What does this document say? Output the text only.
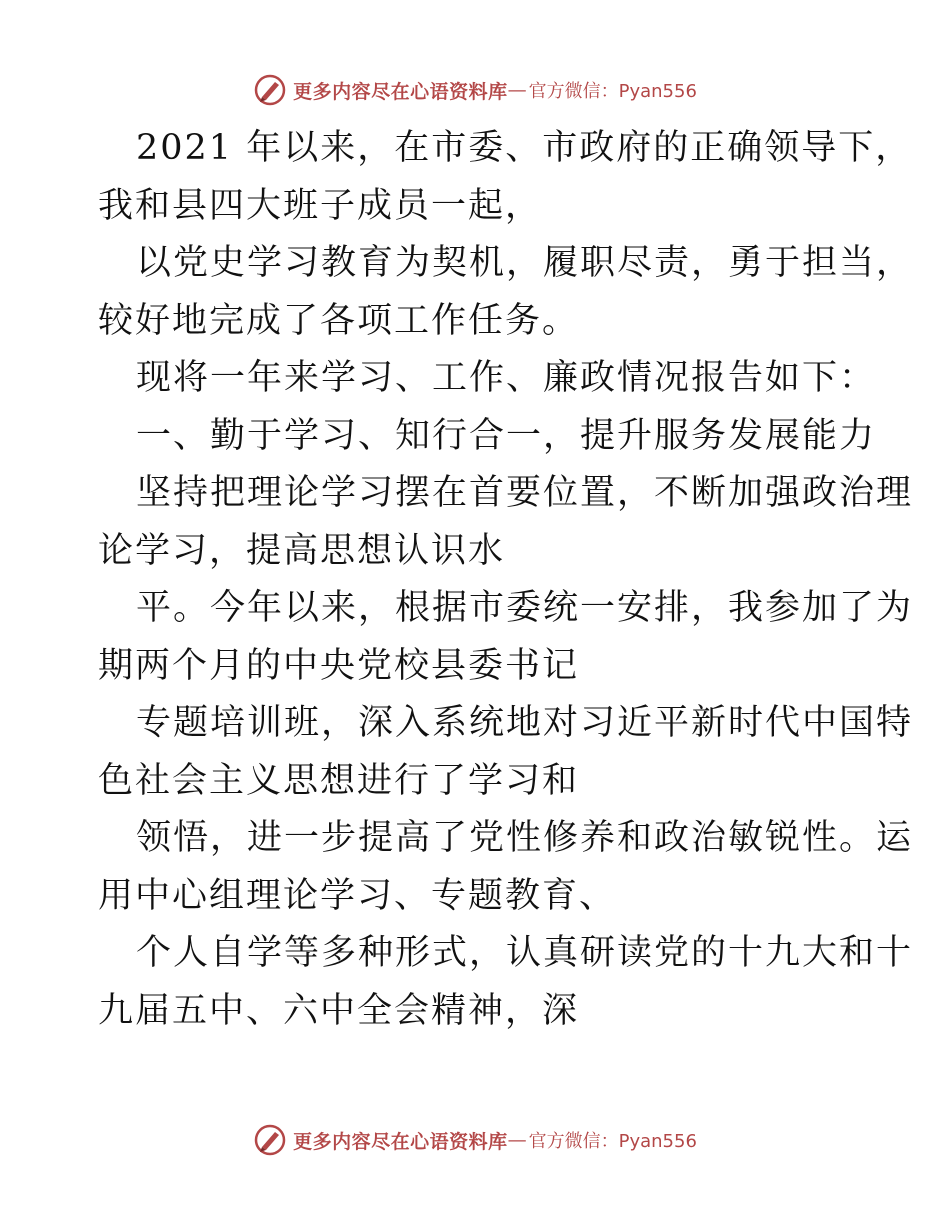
更多内容尽在心语资料库 — 官方微信：Pyan556
2021 年以来，在市委、市政府的正确领导下，
我和县四大班子成员一起，
以党史学习教育为契机，履职尽责，勇于担当，
较好地完成了各项工作任务。
现将一年来学习、工作、廉政情况报告如下：
一、勤于学习、知行合一，提升服务发展能力
坚持把理论学习摆在首要位置，不断加强政治理
论学习，提高思想认识水
平。今年以来，根据市委统一安排，我参加了为
期两个月的中央党校县委书记
专题培训班，深入系统地对习近平新时代中国特
色社会主义思想进行了学习和
领悟，进一步提高了党性修养和政治敏锐性。运
用中心组理论学习、专题教育、
个人自学等多种形式，认真研读党的十九大和十
九届五中、六中全会精神，深
更多内容尽在心语资料库 — 官方微信：Pyan556
